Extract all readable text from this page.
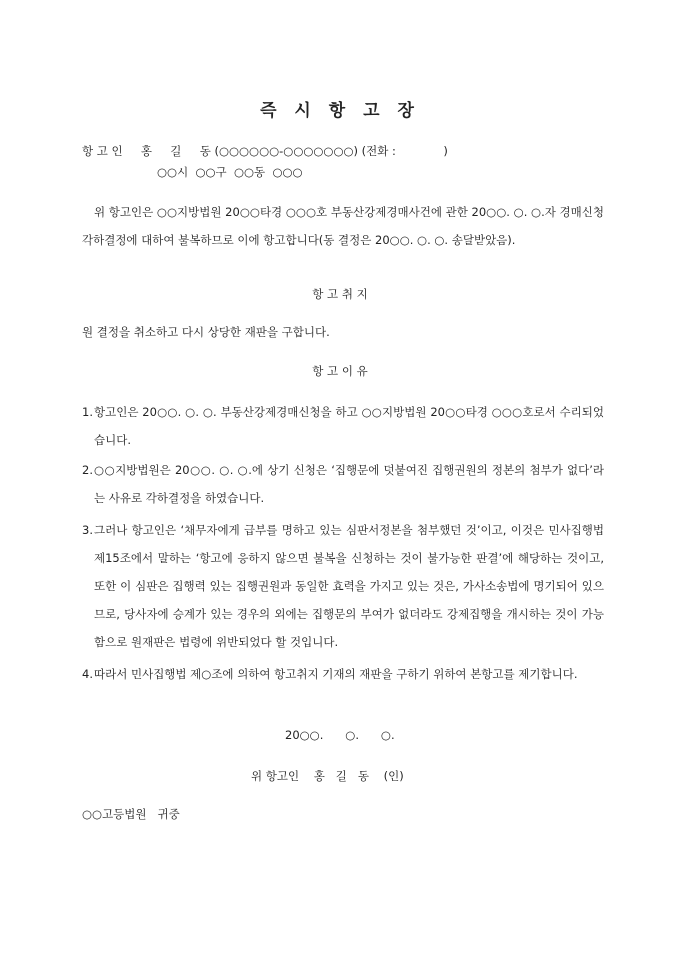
즉 시 항 고 장
항 고 인     홍     길     동 (○○○○○○-○○○○○○○) (전화 :             )
○○시  ○○구  ○○동  ○○○
위 항고인은 ○○지방법원 20○○타경 ○○○호 부동산강제경매사건에 관한 20○○. ○. ○.자 경매신청각하결정에 대하여 불복하므로 이에 항고합니다(동 결정은 20○○. ○. ○. 송달받았음).
항 고 취 지
원 결정을 취소하고 다시 상당한 재판을 구합니다.
항 고 이 유
1. 항고인은 20○○. ○. ○. 부동산강제경매신청을 하고 ○○지방법원 20○○타경 ○○○호로서 수리되었습니다.
2. ○○지방법원은 20○○. ○. ○.에 상기 신청은 ‘집행문에 덧붙여진 집행권원의 정본의 첨부가 없다’라는 사유로 각하결정을 하였습니다.
3. 그러나 항고인은 ‘채무자에게 급부를 명하고 있는 심판서정본을 첨부했던 것’이고, 이것은 민사집행법 제15조에서 말하는 ‘항고에 응하지 않으면 불복을 신청하는 것이 불가능한 판결’에 해당하는 것이고, 또한 이 심판은 집행력 있는 집행권원과 동일한 효력을 가지고 있는 것은, 가사소송법에 명기되어 있으므로, 당사자에 승계가 있는 경우의 외에는 집행문의 부여가 없더라도 강제집행을 개시하는 것이 가능함으로 원재판은 법령에 위반되었다 할 것입니다.
4. 따라서 민사집행법 제○조에 의하여 항고취지 기재의 재판을 구하기 위하여 본항고를 제기합니다.
20○○.      ○.      ○.
위 항고인    홍   길   동    (인)
○○고등법원   귀중
